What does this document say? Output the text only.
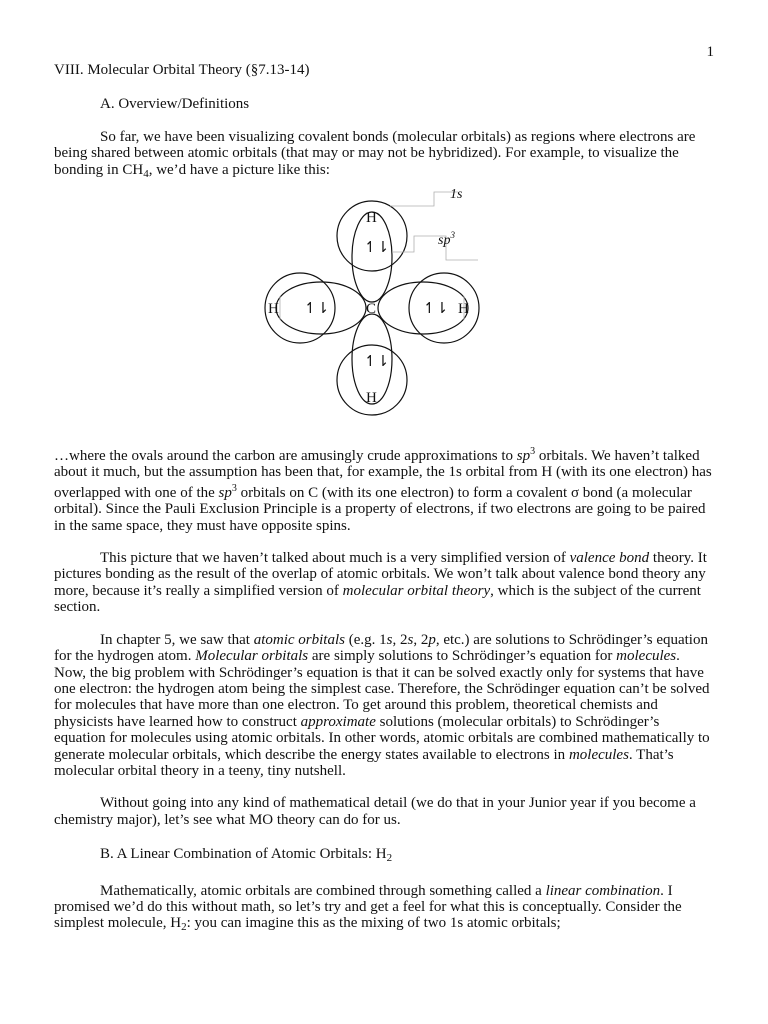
1

VIII. Molecular Orbital Theory (§7.13-14)

A. Overview/Definitions

So far, we have been visualizing covalent bonds (molecular orbitals) as regions where electrons are being shared between atomic orbitals (that may or may not be hybridized). For example, to visualize the bonding in $CH_4$, we’d have a picture like this:

1s
$sp^3$
H
H
H	H
C
↿⇂
↿⇂
↿⇂	↿⇂

…where the ovals around the carbon are amusingly crude approximations to $sp^3$ orbitals. We haven’t talked about it much, but the assumption has been that, for example, the 1s orbital from H (with its one electron) has overlapped with one of the $sp^3$ orbitals on C (with its one electron) to form a covalent σ bond (a molecular orbital). Since the Pauli Exclusion Principle is a property of electrons, if two electrons are going to be paired in the same space, they must have opposite spins.

This picture that we haven’t talked about much is a very simplified version of valence bond theory. It pictures bonding as the result of the overlap of atomic orbitals. We won’t talk about valence bond theory any more, because it’s really a simplified version of molecular orbital theory, which is the subject of the current section.

In chapter 5, we saw that atomic orbitals (e.g. 1s, 2s, 2p, etc.) are solutions to Schrödinger’s equation for the hydrogen atom. Molecular orbitals are simply solutions to Schrödinger’s equation for molecules. Now, the big problem with Schrödinger’s equation is that it can be solved exactly only for systems that have one electron: the hydrogen atom being the simplest case. Therefore, the Schrödinger equation can’t be solved for molecules that have more than one electron. To get around this problem, theoretical chemists and physicists have learned how to construct approximate solutions (molecular orbitals) to Schrödinger’s equation for molecules using atomic orbitals. In other words, atomic orbitals are combined mathematically to generate molecular orbitals, which describe the energy states available to electrons in molecules. That’s molecular orbital theory in a teeny, tiny nutshell.

Without going into any kind of mathematical detail (we do that in your Junior year if you become a chemistry major), let’s see what MO theory can do for us.

B. A Linear Combination of Atomic Orbitals: $H_2$

Mathematically, atomic orbitals are combined through something called a linear combination. I promised we’d do this without math, so let’s try and get a feel for what this is conceptually. Consider the simplest molecule, $H_2$: you can imagine this as the mixing of two 1s atomic orbitals;
